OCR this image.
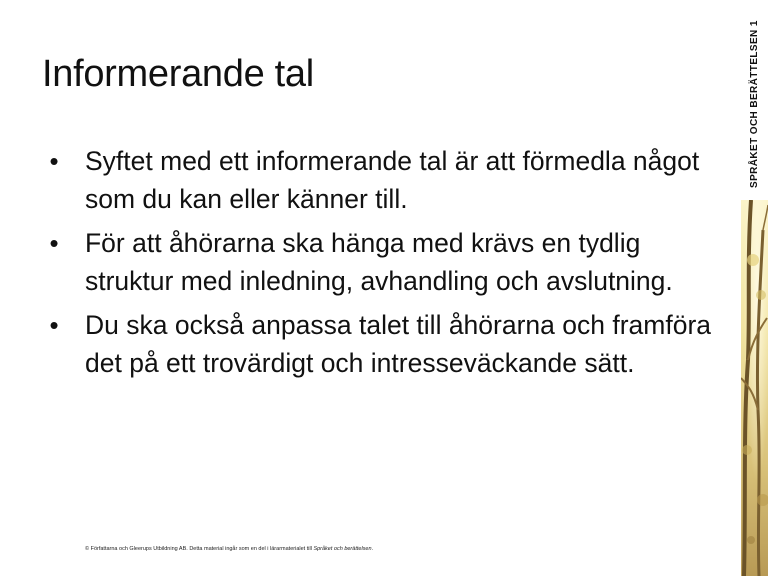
Informerande tal
• Syftet med ett informerande tal är att förmedla något som du kan eller känner till.
• För att åhörarna ska hänga med krävs en tydlig struktur med inledning, avhandling och avslutning.
• Du ska också anpassa talet till åhörarna och framföra det på ett trovärdigt och intresseväckande sätt.
© Författarna och Gleerups Utbildning AB. Detta material ingår som en del i lärarmaterialet till Språket och berättelsen.
SPRÅKET OCH BERÄTTELSEN 1
